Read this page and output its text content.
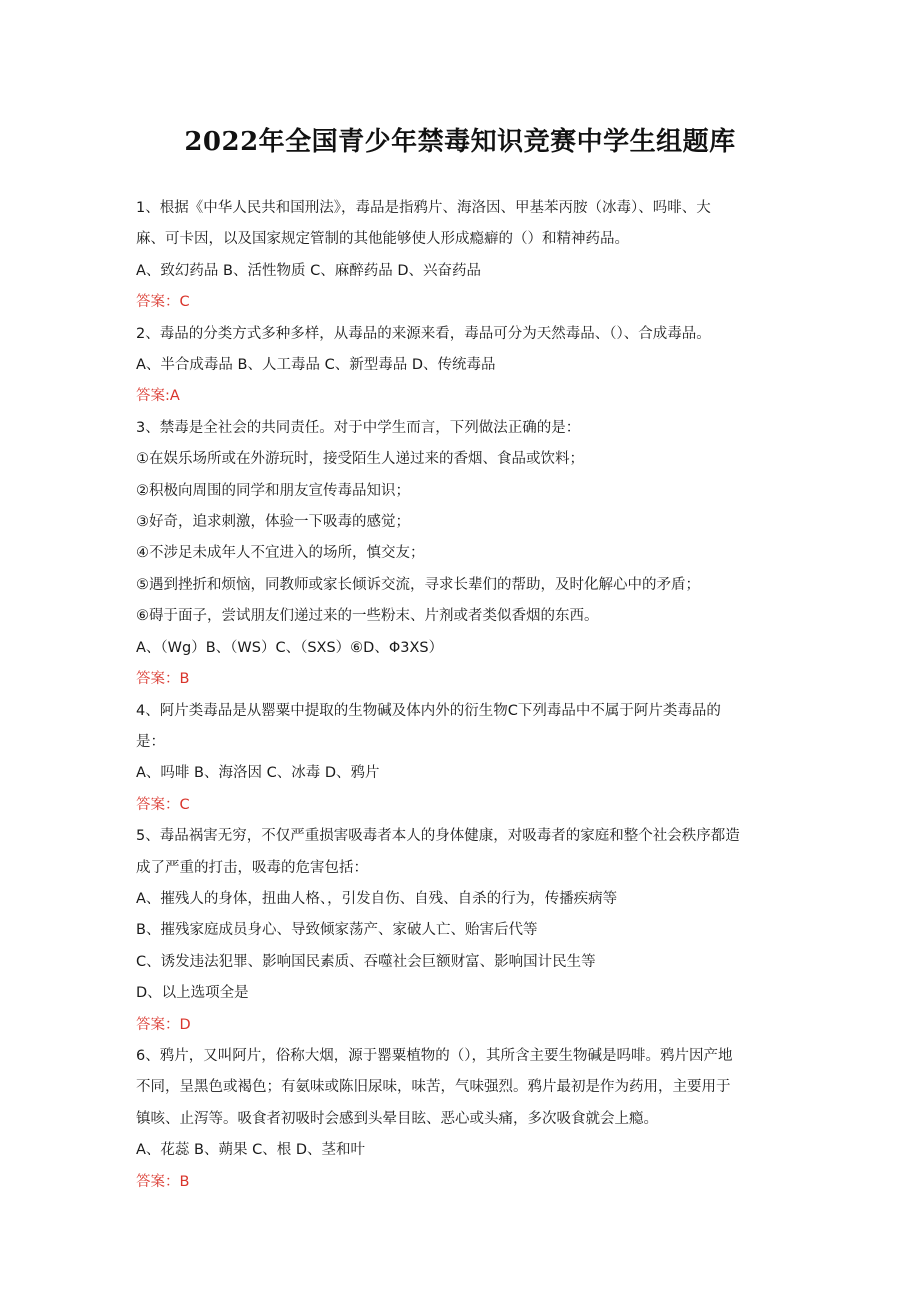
2022年全国青少年禁毒知识竞赛中学生组题库
1、根据《中华人民共和国刑法》，毒品是指鸦片、海洛因、甲基苯丙胺（冰毒）、吗啡、大
麻、可卡因，以及国家规定管制的其他能够使人形成瘾癖的（）和精神药品。
A、致幻药品 B、活性物质 C、麻醉药品 D、兴奋药品
答案：C
2、毒品的分类方式多种多样，从毒品的来源来看，毒品可分为天然毒品、（）、合成毒品。
A、半合成毒品 B、人工毒品 C、新型毒品 D、传统毒品
答案:A
3、禁毒是全社会的共同责任。对于中学生而言，下列做法正确的是：
①在娱乐场所或在外游玩时，接受陌生人递过来的香烟、食品或饮料；
②积极向周围的同学和朋友宣传毒品知识；
③好奇，追求刺激，体验一下吸毒的感觉；
④不涉足未成年人不宜进入的场所，慎交友；
⑤遇到挫折和烦恼，同教师或家长倾诉交流，寻求长辈们的帮助，及时化解心中的矛盾；
⑥碍于面子，尝试朋友们递过来的一些粉末、片剂或者类似香烟的东西。
A、（Wg）B、（WS）C、（SXS）⑥D、Φ3XS）
答案：B
4、阿片类毒品是从罂粟中提取的生物碱及体内外的衍生物C下列毒品中不属于阿片类毒品的
是：
A、吗啡 B、海洛因 C、冰毒 D、鸦片
答案：C
5、毒品祸害无穷，不仅严重损害吸毒者本人的身体健康，对吸毒者的家庭和整个社会秩序都造
成了严重的打击，吸毒的危害包括：
A、摧残人的身体，扭曲人格、，引发自伤、自残、自杀的行为，传播疾病等
B、摧残家庭成员身心、导致倾家荡产、家破人亡、贻害后代等
C、诱发违法犯罪、影响国民素质、吞噬社会巨额财富、影响国计民生等
D、以上选项全是
答案：D
6、鸦片，又叫阿片，俗称大烟，源于罂粟植物的（），其所含主要生物碱是吗啡。鸦片因产地
不同，呈黑色或褐色；有氨味或陈旧尿味，味苦，气味强烈。鸦片最初是作为药用，主要用于
镇咳、止泻等。吸食者初吸时会感到头晕目眩、恶心或头痛，多次吸食就会上瘾。
A、花蕊 B、蒴果 C、根 D、茎和叶
答案：B
